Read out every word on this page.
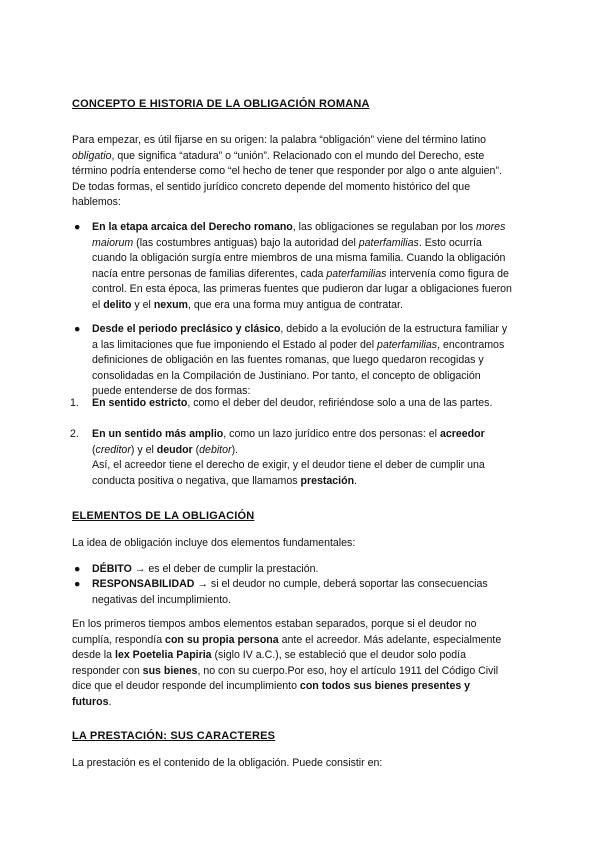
CONCEPTO E HISTORIA DE LA OBLIGACIÓN ROMANA

Para empezar, es útil fijarse en su origen: la palabra “obligación” viene del término latino obligatio, que significa “atadura” o “unión”. Relacionado con el mundo del Derecho, este término podría entenderse como “el hecho de tener que responder por algo o ante alguien”. De todas formas, el sentido jurídico concreto depende del momento histórico del que hablemos:

●	En la etapa arcaica del Derecho romano, las obligaciones se regulaban por los mores maiorum (las costumbres antiguas) bajo la autoridad del paterfamilias. Esto ocurría cuando la obligación surgía entre miembros de una misma familia. Cuando la obligación nacía entre personas de familias diferentes, cada paterfamilias intervenía como figura de control. En esta época, las primeras fuentes que pudieron dar lugar a obligaciones fueron el delito y el nexum, que era una forma muy antigua de contratar.
●	Desde el periodo preclásico y clásico, debido a la evolución de la estructura familiar y a las limitaciones que fue imponiendo el Estado al poder del paterfamilias, encontramos definiciones de obligación en las fuentes romanas, que luego quedaron recogidas y consolidadas en la Compilación de Justiniano. Por tanto, el concepto de obligación puede entenderse de dos formas:
1.	En sentido estricto, como el deber del deudor, refiriéndose solo a una de las partes.
2.	En un sentido más amplio, como un lazo jurídico entre dos personas: el acreedor (creditor) y el deudor (debitor).
Así, el acreedor tiene el derecho de exigir, y el deudor tiene el deber de cumplir una conducta positiva o negativa, que llamamos prestación.
ELEMENTOS DE LA OBLIGACIÓN

La idea de obligación incluye dos elementos fundamentales:

●	DÉBITO → es el deber de cumplir la prestación.
●	RESPONSABILIDAD → si el deudor no cumple, deberá soportar las consecuencias negativas del incumplimiento.

En los primeros tiempos ambos elementos estaban separados, porque si el deudor no cumplía, respondía con su propia persona ante el acreedor. Más adelante, especialmente desde la lex Poetelia Papiria (siglo IV a.C.), se estableció que el deudor solo podía responder con sus bienes, no con su cuerpo.Por eso, hoy el artículo 1911 del Código Civil dice que el deudor responde del incumplimiento con todos sus bienes presentes y futuros.

LA PRESTACIÓN: SUS CARACTERES

La prestación es el contenido de la obligación. Puede consistir en:
